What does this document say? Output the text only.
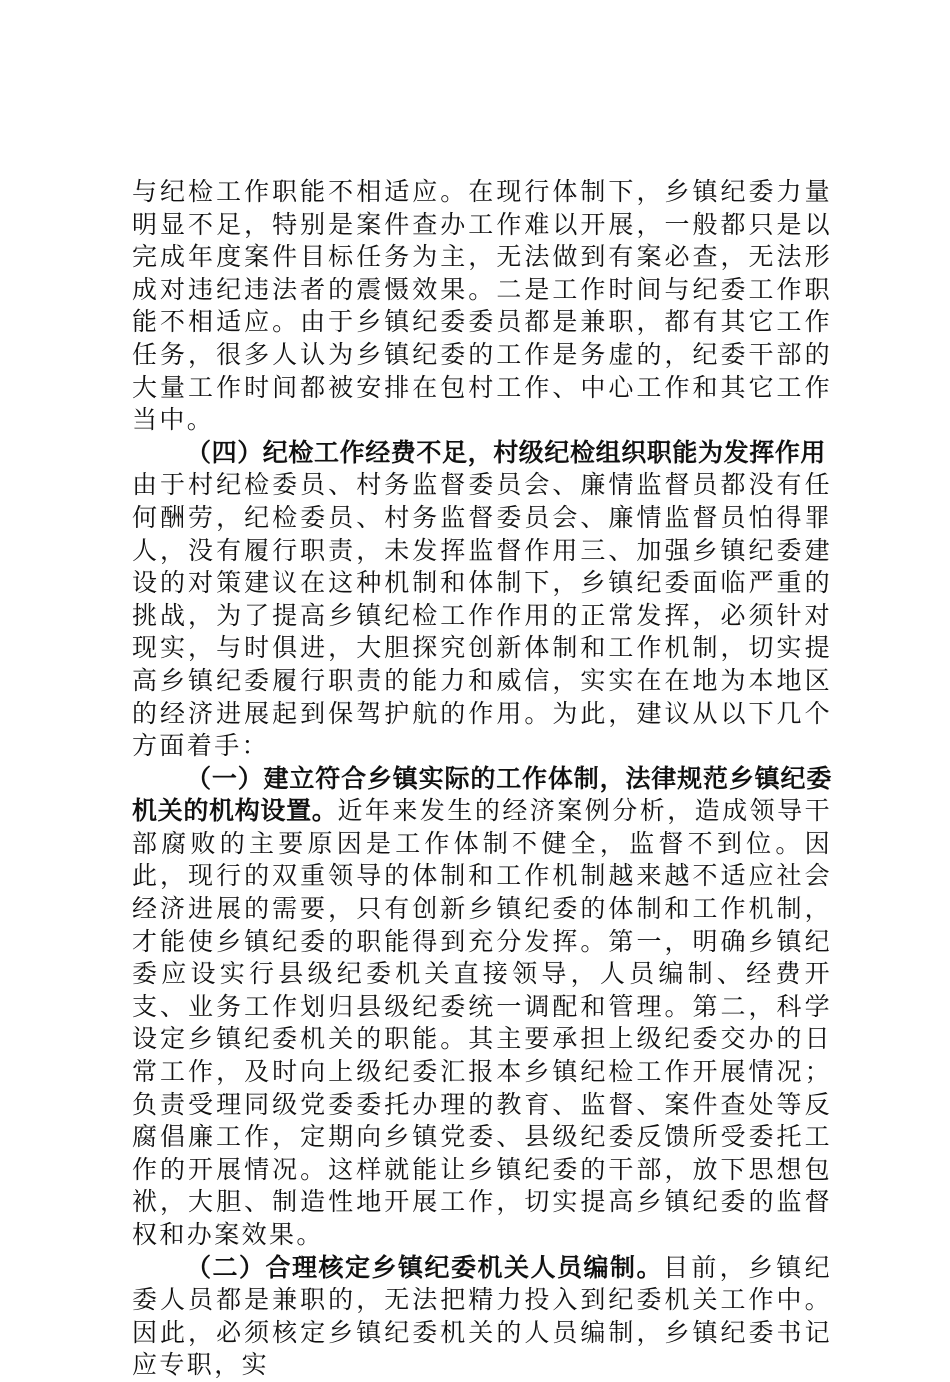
与纪检工作职能不相适应。在现行体制下，乡镇纪委力量明显不足，特别是案件查办工作难以开展，一般都只是以完成年度案件目标任务为主，无法做到有案必查，无法形成对违纪违法者的震慑效果。二是工作时间与纪委工作职能不相适应。由于乡镇纪委委员都是兼职，都有其它工作任务，很多人认为乡镇纪委的工作是务虚的，纪委干部的大量工作时间都被安排在包村工作、中心工作和其它工作当中。

（四）纪检工作经费不足，村级纪检组织职能为发挥作用

由于村纪检委员、村务监督委员会、廉情监督员都没有任何酬劳，纪检委员、村务监督委员会、廉情监督员怕得罪人，没有履行职责，未发挥监督作用三、加强乡镇纪委建设的对策建议在这种机制和体制下，乡镇纪委面临严重的挑战，为了提高乡镇纪检工作作用的正常发挥，必须针对现实，与时俱进，大胆探究创新体制和工作机制，切实提高乡镇纪委履行职责的能力和威信，实实在在地为本地区的经济进展起到保驾护航的作用。为此，建议从以下几个方面着手：

（一）建立符合乡镇实际的工作体制，法律规范乡镇纪委机关的机构设置。近年来发生的经济案例分析，造成领导干部腐败的主要原因是工作体制不健全，监督不到位。因此，现行的双重领导的体制和工作机制越来越不适应社会经济进展的需要，只有创新乡镇纪委的体制和工作机制，才能使乡镇纪委的职能得到充分发挥。第一，明确乡镇纪委应设实行县级纪委机关直接领导，人员编制、经费开支、业务工作划归县级纪委统一调配和管理。第二，科学设定乡镇纪委机关的职能。其主要承担上级纪委交办的日常工作，及时向上级纪委汇报本乡镇纪检工作开展情况；负责受理同级党委委托办理的教育、监督、案件查处等反腐倡廉工作，定期向乡镇党委、县级纪委反馈所受委托工作的开展情况。这样就能让乡镇纪委的干部，放下思想包袱，大胆、制造性地开展工作，切实提高乡镇纪委的监督权和办案效果。

（二）合理核定乡镇纪委机关人员编制。目前，乡镇纪委人员都是兼职的，无法把精力投入到纪委机关工作中。因此，必须核定乡镇纪委机关的人员编制，乡镇纪委书记应专职，实
